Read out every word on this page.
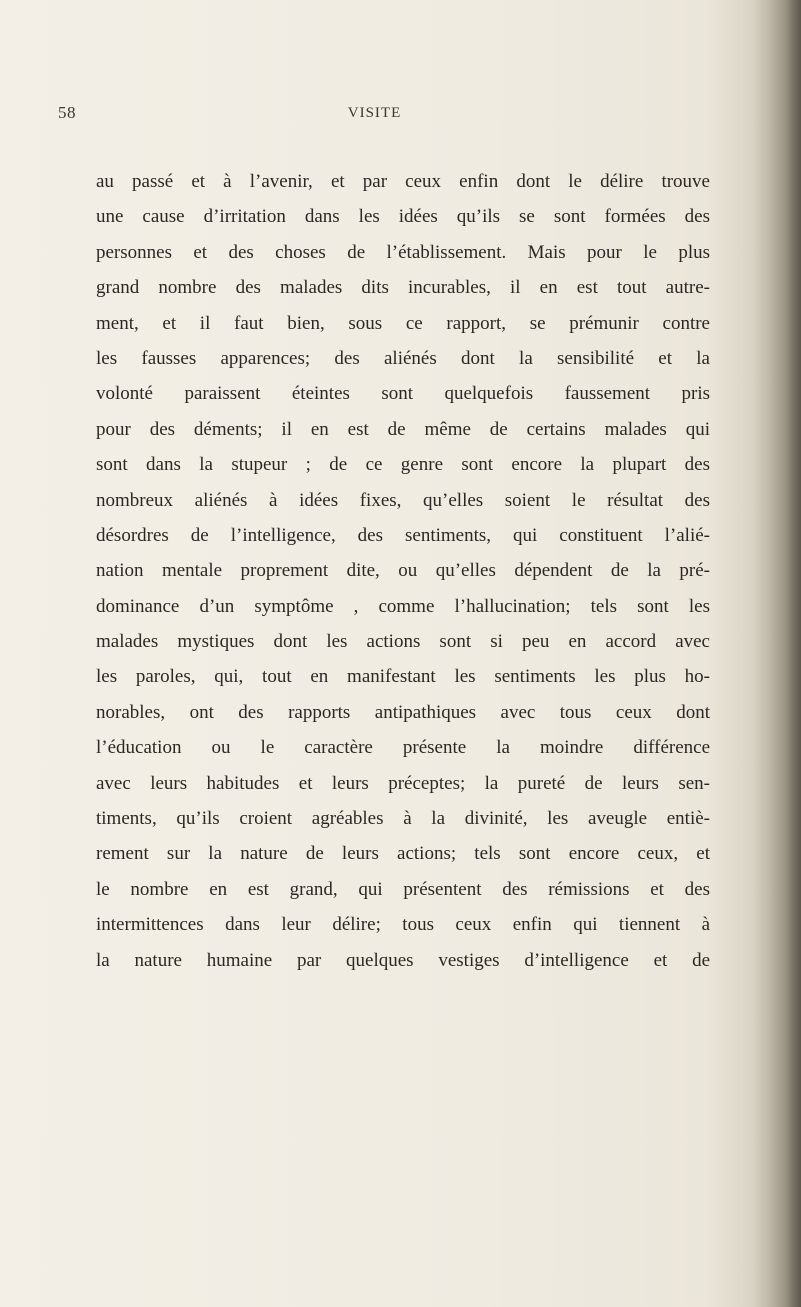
58	VISITE
au passé et à l’avenir, et par ceux enfin dont le délire trouve
une cause d’irritation dans les idées qu’ils se sont formées des
personnes et des choses de l’établissement. Mais pour le plus
grand nombre des malades dits incurables, il en est tout autre-
ment, et il faut bien, sous ce rapport, se prémunir contre
les fausses apparences; des aliénés dont la sensibilité et la
volonté paraissent éteintes sont quelquefois faussement pris
pour des déments; il en est de même de certains malades qui
sont dans la stupeur ; de ce genre sont encore la plupart des
nombreux aliénés à idées fixes, qu’elles soient le résultat des
désordres de l’intelligence, des sentiments, qui constituent l’alié-
nation mentale proprement dite, ou qu’elles dépendent de la pré-
dominance d’un symptôme , comme l’hallucination; tels sont les
malades mystiques dont les actions sont si peu en accord avec
les paroles, qui, tout en manifestant les sentiments les plus ho-
norables, ont des rapports antipathiques avec tous ceux dont
l’éducation ou le caractère présente la moindre différence
avec leurs habitudes et leurs préceptes; la pureté de leurs sen-
timents, qu’ils croient agréables à la divinité, les aveugle entiè-
rement sur la nature de leurs actions; tels sont encore ceux, et
le nombre en est grand, qui présentent des rémissions et des
intermittences dans leur délire; tous ceux enfin qui tiennent à
la nature humaine par quelques vestiges d’intelligence et de
